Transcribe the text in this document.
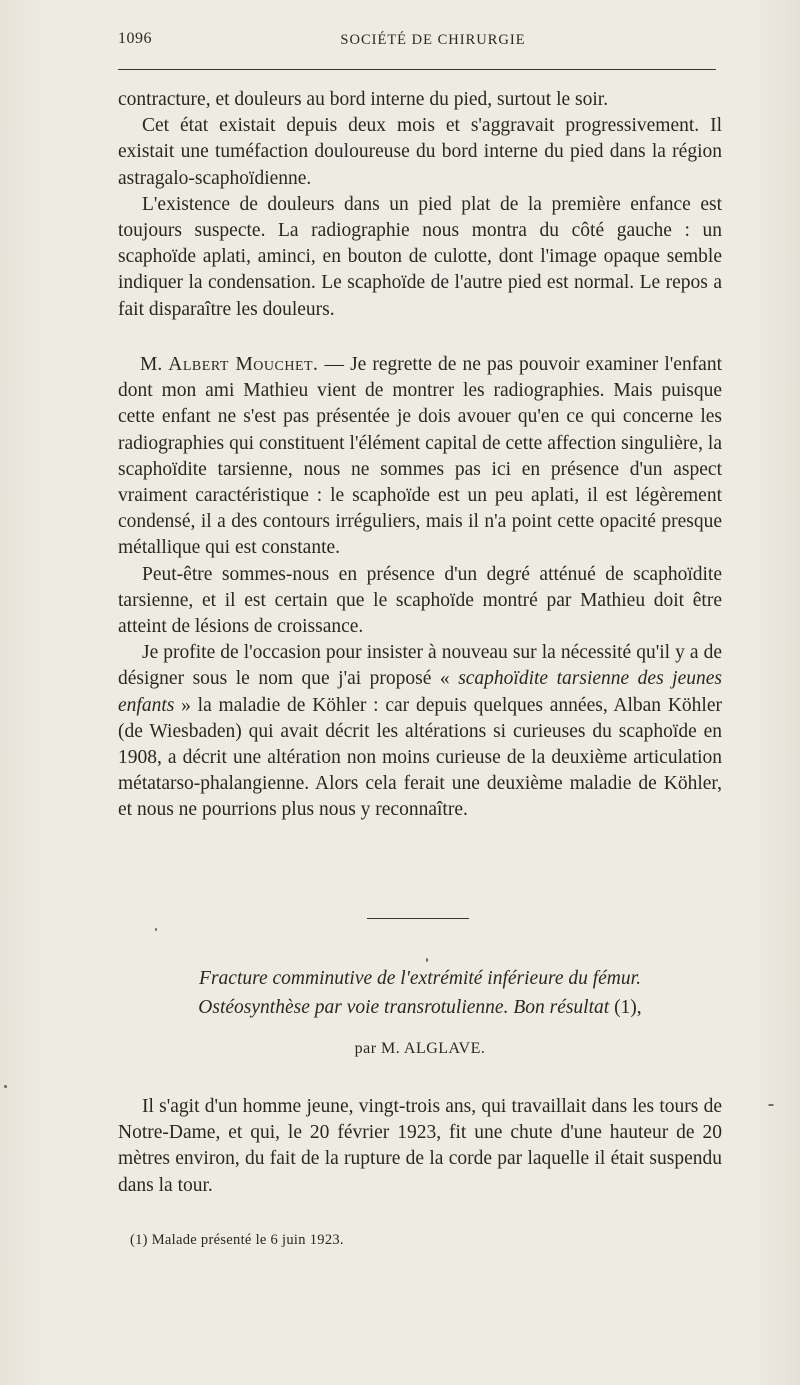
1096	SOCIÉTÉ DE CHIRURGIE

contracture, et douleurs au bord interne du pied, surtout le soir.

Cet état existait depuis deux mois et s'aggravait progressivement. Il existait une tuméfaction douloureuse du bord interne du pied dans la région astragalo-scaphoïdienne.

L'existence de douleurs dans un pied plat de la première enfance est toujours suspecte. La radiographie nous montra du côté gauche : un scaphoïde aplati, aminci, en bouton de culotte, dont l'image opaque semble indiquer la condensation. Le scaphoïde de l'autre pied est normal. Le repos a fait disparaître les douleurs.

M. Albert Mouchet. — Je regrette de ne pas pouvoir examiner l'enfant dont mon ami Mathieu vient de montrer les radiographies. Mais puisque cette enfant ne s'est pas présentée je dois avouer qu'en ce qui concerne les radiographies qui constituent l'élément capital de cette affection singulière, la scaphoïdite tarsienne, nous ne sommes pas ici en présence d'un aspect vraiment caractéristique : le scaphoïde est un peu aplati, il est légèrement condensé, il a des contours irréguliers, mais il n'a point cette opacité presque métallique qui est constante.

Peut-être sommes-nous en présence d'un degré atténué de scaphoïdite tarsienne, et il est certain que le scaphoïde montré par Mathieu doit être atteint de lésions de croissance.

Je profite de l'occasion pour insister à nouveau sur la nécessité qu'il y a de désigner sous le nom que j'ai proposé « scaphoïdite tarsienne des jeunes enfants » la maladie de Köhler : car depuis quelques années, Alban Köhler (de Wiesbaden) qui avait décrit les altérations si curieuses du scaphoïde en 1908, a décrit une altération non moins curieuse de la deuxième articulation métatarso-phalangienne. Alors cela ferait une deuxième maladie de Köhler, et nous ne pourrions plus nous y reconnaître.

Fracture comminutive de l'extrémité inférieure du fémur.
Ostéosynthèse par voie transrotulienne. Bon résultat (1),
par M. ALGLAVE.

Il s'agit d'un homme jeune, vingt-trois ans, qui travaillait dans les tours de Notre-Dame, et qui, le 20 février 1923, fit une chute d'une hauteur de 20 mètres environ, du fait de la rupture de la corde par laquelle il était suspendu dans la tour.

(1) Malade présenté le 6 juin 1923.
